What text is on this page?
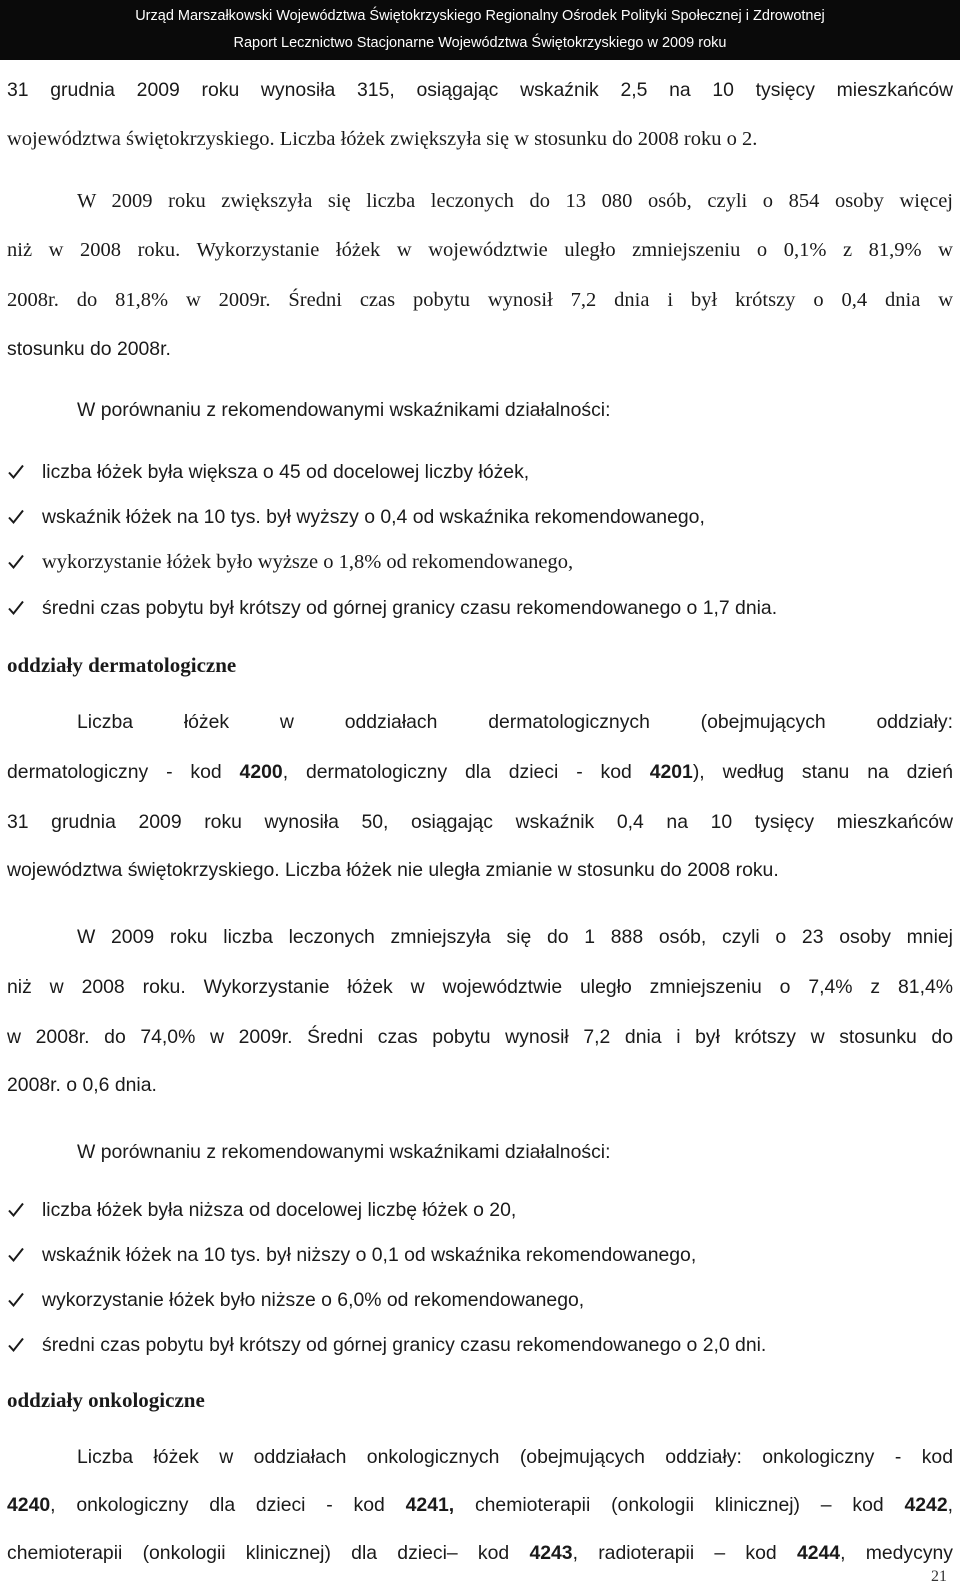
Urząd Marszałkowski Województwa Świętokrzyskiego Regionalny Ośrodek Polityki Społecznej i Zdrowotnej
Raport Lecznictwo Stacjonarne Województwa Świętokrzyskiego w 2009 roku
31 grudnia 2009 roku wynosiła 315, osiągając wskaźnik 2,5 na 10 tysięcy mieszkańców
województwa świętokrzyskiego. Liczba łóżek zwiększyła się w stosunku do 2008 roku o 2.
W 2009 roku zwiększyła się liczba leczonych do 13 080 osób, czyli o 854 osoby więcej
niż w 2008 roku. Wykorzystanie łóżek w województwie uległo zmniejszeniu o 0,1% z 81,9% w
2008r. do 81,8% w 2009r. Średni czas pobytu wynosił 7,2 dnia i był krótszy o 0,4 dnia w
stosunku do 2008r.
W porównaniu z rekomendowanymi wskaźnikami działalności:
liczba łóżek była większa o 45 od docelowej liczby łóżek,
wskaźnik łóżek na 10 tys. był wyższy o 0,4 od wskaźnika rekomendowanego,
wykorzystanie łóżek było wyższe o 1,8% od rekomendowanego,
średni czas pobytu był krótszy od górnej granicy czasu rekomendowanego o 1,7 dnia.
oddziały dermatologiczne
Liczba łóżek w oddziałach dermatologicznych (obejmujących oddziały:
dermatologiczny - kod 4200, dermatologiczny dla dzieci - kod 4201), według stanu na dzień
31 grudnia 2009 roku wynosiła 50, osiągając wskaźnik 0,4 na 10 tysięcy mieszkańców
województwa świętokrzyskiego. Liczba łóżek nie uległa zmianie w stosunku do 2008 roku.
W 2009 roku liczba leczonych zmniejszyła się do 1 888 osób, czyli o 23 osoby mniej
niż w 2008 roku. Wykorzystanie łóżek w województwie uległo zmniejszeniu o 7,4% z 81,4%
w 2008r. do 74,0% w 2009r. Średni czas pobytu wynosił 7,2 dnia i był krótszy w stosunku do
2008r. o 0,6 dnia.
W porównaniu z rekomendowanymi wskaźnikami działalności:
liczba łóżek była niższa od docelowej liczbę łóżek o 20,
wskaźnik łóżek na 10 tys. był niższy o 0,1 od wskaźnika rekomendowanego,
wykorzystanie łóżek było niższe o 6,0% od rekomendowanego,
średni czas pobytu był krótszy od górnej granicy czasu rekomendowanego o 2,0 dni.
oddziały onkologiczne
Liczba łóżek w oddziałach onkologicznych (obejmujących oddziały: onkologiczny - kod
4240, onkologiczny dla dzieci - kod 4241, chemioterapii (onkologii klinicznej) – kod 4242,
chemioterapii (onkologii klinicznej) dla dzieci– kod 4243, radioterapii – kod 4244, medycyny
21
